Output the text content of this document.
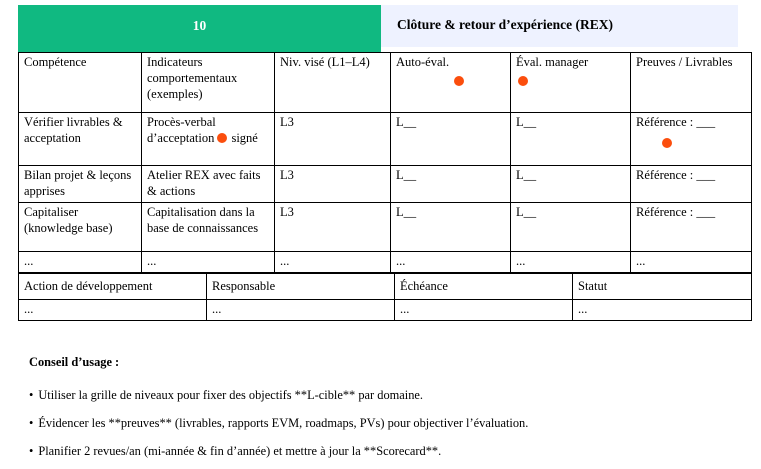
10	Clôture & retour d’expérience (REX)
Compétence	Indicateurs comportementaux (exemples)	Niv. visé (L1–L4)	Auto-éval.	Éval. manager	Preuves / Livrables
Vérifier livrables & acceptation	Procès-verbal d’acceptation signé	L3	L__	L__	Référence : ___

Bilan projet & leçons apprises	Atelier REX avec faits & actions	L3	L__	L__	Référence : ___
Capitaliser (knowledge base)	Capitalisation dans la base de connaissances	L3	L__	L__	Référence : ___
...	...	...	...	...	...
Action de développement	Responsable	Échéance	Statut
...	...	...	...
Conseil d’usage :
• Utiliser la grille de niveaux pour fixer des objectifs **L-cible** par domaine.
• Évidencer les **preuves** (livrables, rapports EVM, roadmaps, PVs) pour objectiver l’évaluation.
• Planifier 2 revues/an (mi-année & fin d’année) et mettre à jour la **Scorecard**.
